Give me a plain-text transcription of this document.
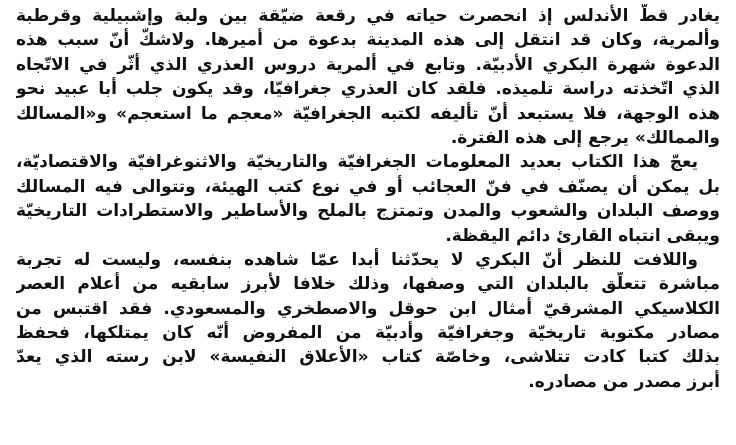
يغادر قطّ الأندلس إذ انحصرت حياته في رقعة ضيّقة بين ولبة وإشبيلية وقرطبة
وألمرية، وكان قد انتقل إلى هذه المدينة بدعوة من أميرها. ولاشكّ أنّ سبب هذه
الدعوة شهرة البكري الأدبيّة. وتابع في ألمرية دروس العذري الذي أثّر في الاتّجاه
الذي اتّخذته دراسة تلميذه. فلقد كان العذري جغرافيّا، وقد يكون جلب أبا عبيد نحو
هذه الوجهة، فلا يستبعد أنّ تأليفه لكتبه الجغرافيّة «معجم ما استعجم» و«المسالك
والممالك» يرجع إلى هذه الفترة.
يعجّ هذا الكتاب بعديد المعلومات الجغرافيّة والتاريخيّة والاثنوغرافيّة والاقتصاديّة،
بل يمكن أن يصنّف في فنّ العجائب أو في نوع كتب الهيئة، وتتوالى فيه المسالك
ووصف البلدان والشعوب والمدن وتمتزج بالملح والأساطير والاستطرادات التاريخيّة
ويبقى انتباه القارئ دائم اليقظة.
واللافت للنظر أنّ البكري لا يحدّثنا أبدا عمّا شاهده بنفسه، وليست له تجربة
مباشرة تتعلّق بالبلدان التي وصفها، وذلك خلافا لأبرز سابقيه من أعلام العصر
الكلاسيكي المشرقيّ أمثال ابن حوقل والاصطخري والمسعودي. فقد اقتبس من
مصادر مكتوبة تاريخيّة وجغرافيّة وأدبيّة من المفروض أنّه كان يمتلكها، فحفظ
بذلك كتبا كادت تتلاشى، وخاصّة كتاب «الأعلاق النفيسة» لابن رسته الذي يعدّ
أبرز مصدر من مصادره.
